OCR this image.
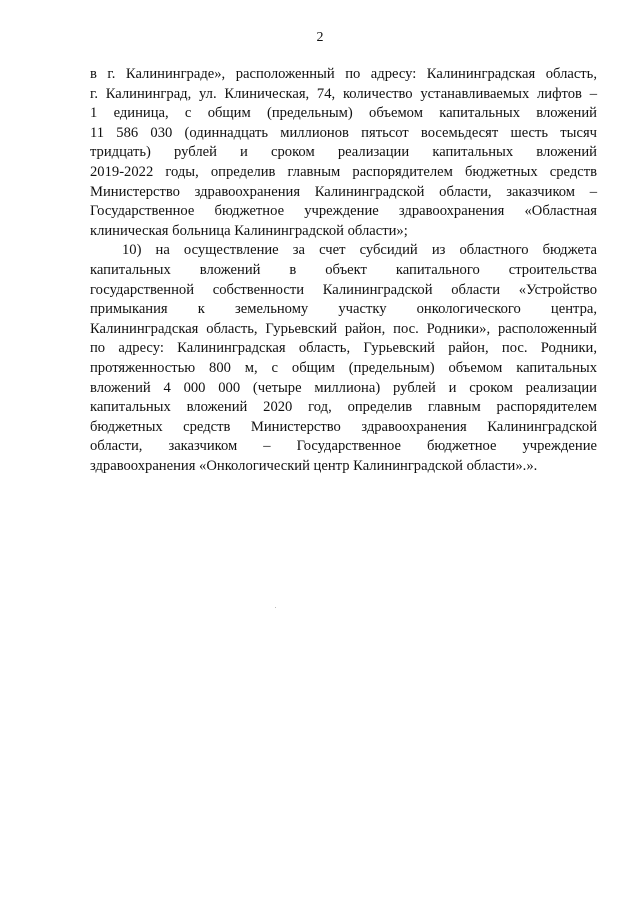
2
в г. Калининграде», расположенный по адресу: Калининградская область,
г. Калининград, ул. Клиническая, 74, количество устанавливаемых лифтов –
1 единица, с общим (предельным) объемом капитальных вложений
11 586 030 (одиннадцать миллионов пятьсот восемьдесят шесть тысяч
тридцать) рублей и сроком реализации капитальных вложений
2019-2022 годы, определив главным распорядителем бюджетных средств
Министерство здравоохранения Калининградской области, заказчиком –
Государственное бюджетное учреждение здравоохранения «Областная
клиническая больница Калининградской области»;
10) на осуществление за счет субсидий из областного бюджета
капитальных вложений в объект капитального строительства
государственной собственности Калининградской области «Устройство
примыкания к земельному участку онкологического центра,
Калининградская область, Гурьевский район, пос. Родники», расположенный
по адресу: Калининградская область, Гурьевский район, пос. Родники,
протяженностью 800 м, с общим (предельным) объемом капитальных
вложений 4 000 000 (четыре миллиона) рублей и сроком реализации
капитальных вложений 2020 год, определив главным распорядителем
бюджетных средств Министерство здравоохранения Калининградской
области, заказчиком – Государственное бюджетное учреждение
здравоохранения «Онкологический центр Калининградской области».».
